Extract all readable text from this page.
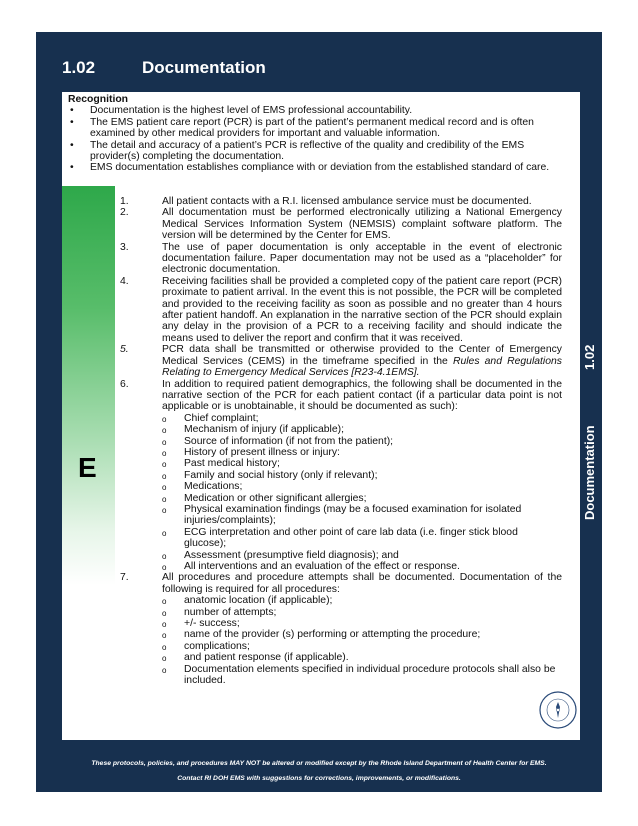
1.02	Documentation
E	Documentation
1.02
Recognition
• Documentation is the highest level of EMS professional accountability.
• The EMS patient care report (PCR) is part of the patient’s permanent medical record and is often examined by other medical providers for important and valuable information.
• The detail and accuracy of a patient’s PCR is reflective of the quality and credibility of the EMS provider(s) completing the documentation.
• EMS documentation establishes compliance with or deviation from the established standard of care.
1.	All patient contacts with a R.I. licensed ambulance service must be documented.
2.	All documentation must be performed electronically utilizing a National Emergency Medical Services Information System (NEMSIS) complaint software platform. The version will be determined by the Center for EMS.
3.	The use of paper documentation is only acceptable in the event of electronic documentation failure. Paper documentation may not be used as a “placeholder” for electronic documentation.
4.	Receiving facilities shall be provided a completed copy of the patient care report (PCR) proximate to patient arrival. In the event this is not possible, the PCR will be completed and provided to the receiving facility as soon as possible and no greater than 4 hours after patient handoff. An explanation in the narrative section of the PCR should explain any delay in the provision of a PCR to a receiving facility and should indicate the means used to deliver the report and confirm that it was received.
5.	PCR data shall be transmitted or otherwise provided to the Center of Emergency Medical Services (CEMS) in the timeframe specified in the Rules and Regulations Relating to Emergency Medical Services [R23-4.1EMS].
6.	In addition to required patient demographics, the following shall be documented in the narrative section of the PCR for each patient contact (if a particular data point is not applicable or is unobtainable, it should be documented as such):
o Chief complaint;
o Mechanism of injury (if applicable);
o Source of information (if not from the patient);
o History of present illness or injury:
o Past medical history;
o Family and social history (only if relevant);
o Medications;
o Medication or other significant allergies;
o Physical examination findings (may be a focused examination for isolated injuries/complaints);
o ECG interpretation and other point of care lab data (i.e. finger stick blood glucose);
o Assessment (presumptive field diagnosis); and
o All interventions and an evaluation of the effect or response.
7.	All procedures and procedure attempts shall be documented. Documentation of the following is required for all procedures:
o anatomic location (if applicable);
o number of attempts;
o +/- success;
o name of the provider (s) performing or attempting the procedure;
o complications;
o and patient response (if applicable).
o Documentation elements specified in individual procedure protocols shall also be included.
These protocols, policies, and procedures MAY NOT be altered or modified except by the Rhode Island Department of Health Center for EMS.
Contact RI DOH EMS with suggestions for corrections, improvements, or modifications.
